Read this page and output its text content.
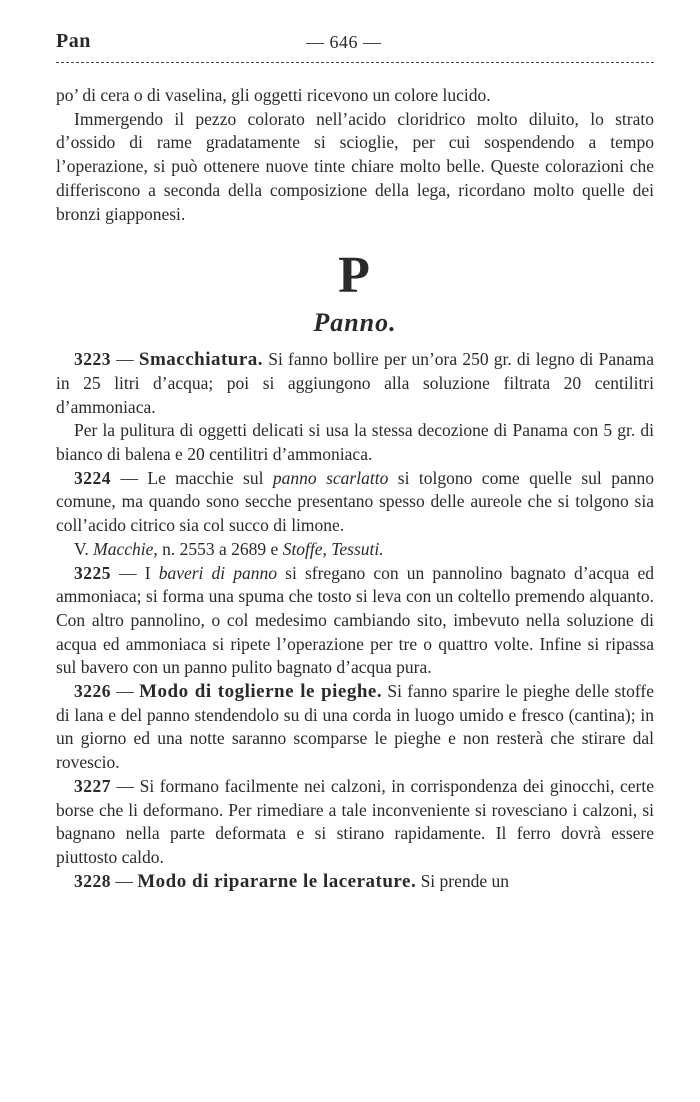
Pan	— 646 —

po’ di cera o di vaselina, gli oggetti ricevono un colore lucido.

Immergendo il pezzo colorato nell’acido cloridrico molto diluito, lo strato d’ossido di rame gradatamente si scioglie, per cui sospendendo a tempo l’operazione, si può ottenere nuove tinte chiare molto belle. Queste colorazioni che differiscono a seconda della composizione della lega, ricordano molto quelle dei bronzi giapponesi.

P

Panno.

3223 — Smacchiatura. Si fanno bollire per un’ora 250 gr. di legno di Panama in 25 litri d’acqua; poi si aggiungono alla soluzione filtrata 20 centilitri d’ammoniaca.

Per la pulitura di oggetti delicati si usa la stessa decozione di Panama con 5 gr. di bianco di balena e 20 centilitri d’ammoniaca.

3224 — Le macchie sul panno scarlatto si tolgono come quelle sul panno comune, ma quando sono secche presentano spesso delle aureole che si tolgono sia coll’acido citrico sia col succo di limone.

V. Macchie, n. 2553 a 2689 e Stoffe, Tessuti.

3225 — I baveri di panno si sfregano con un pannolino bagnato d’acqua ed ammoniaca; si forma una spuma che tosto si leva con un coltello premendo alquanto. Con altro pannolino, o col medesimo cambiando sito, imbevuto nella soluzione di acqua ed ammoniaca si ripete l’operazione per tre o quattro volte. Infine si ripassa sul bavero con un panno pulito bagnato d’acqua pura.

3226 — Modo di toglierne le pieghe. Si fanno sparire le pieghe delle stoffe di lana e del panno stendendolo su di una corda in luogo umido e fresco (cantina); in un giorno ed una notte saranno scomparse le pieghe e non resterà che stirare dal rovescio.

3227 — Si formano facilmente nei calzoni, in corrispondenza dei ginocchi, certe borse che li deformano. Per rimediare a tale inconveniente si rovesciano i calzoni, si bagnano nella parte deformata e si stirano rapidamente. Il ferro dovrà essere piuttosto caldo.

3228 — Modo di ripararne le lacerature. Si prende un
